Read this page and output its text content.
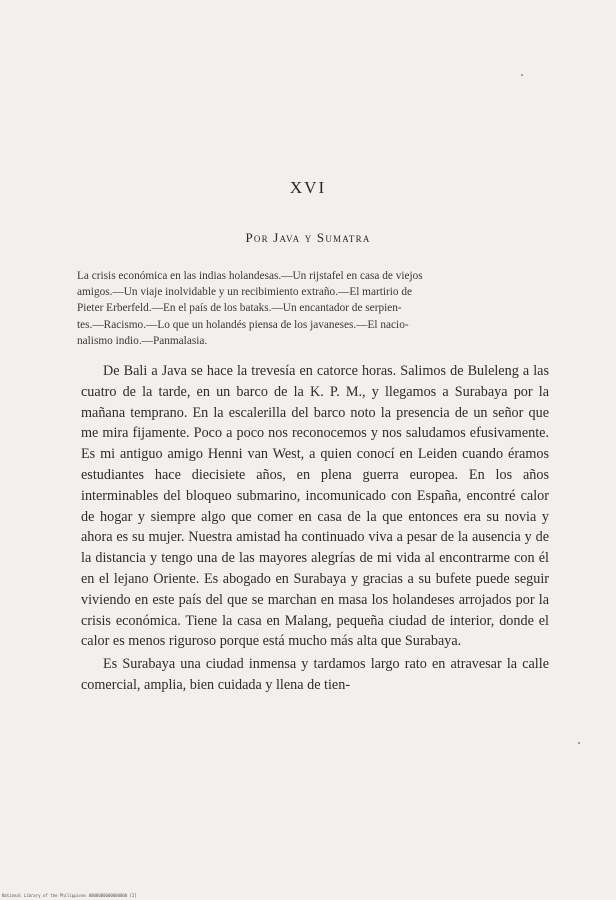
XVI
Por Java y Sumatra
La crisis económica en las indias holandesas.—Un rijstafel en casa de viejos
amigos.—Un viaje inolvidable y un recibimiento extraño.—El martirio de
Pieter Erberfeld.—En el país de los bataks.—Un encantador de serpien-
tes.—Racismo.—Lo que un holandés piensa de los javaneses.—El nacio-
nalismo indio.—Panmalasia.

De Bali a Java se hace la trevesía en catorce horas. Salimos de Buleleng a las cuatro de la tarde, en un barco de la K. P. M., y llegamos a Surabaya por la mañana temprano. En la escalerilla del barco noto la presencia de un señor que me mira fijamente. Poco a poco nos reconocemos y nos saludamos efusivamente. Es mi antiguo amigo Henni van West, a quien conocí en Leiden cuando éramos estudiantes hace diecisiete años, en plena guerra europea. En los años interminables del bloqueo submarino, incomunicado con España, encontré calor de hogar y siempre algo que comer en casa de la que entonces era su novia y ahora es su mujer. Nuestra amistad ha continuado viva a pesar de la ausencia y de la distancia y tengo una de las mayores alegrías de mi vida al encontrarme con él en el lejano Oriente. Es abogado en Surabaya y gracias a su bufete puede seguir viviendo en este país del que se marchan en masa los holandeses arrojados por la crisis económica. Tiene la casa en Malang, pequeña ciudad de interior, donde el calor es menos riguroso porque está mucho más alta que Surabaya.

Es Surabaya una ciudad inmensa y tardamos largo rato en atravesar la calle comercial, amplia, bien cuidada y llena de tien-

National Library of the Philippines 0000000000000000 [2]
